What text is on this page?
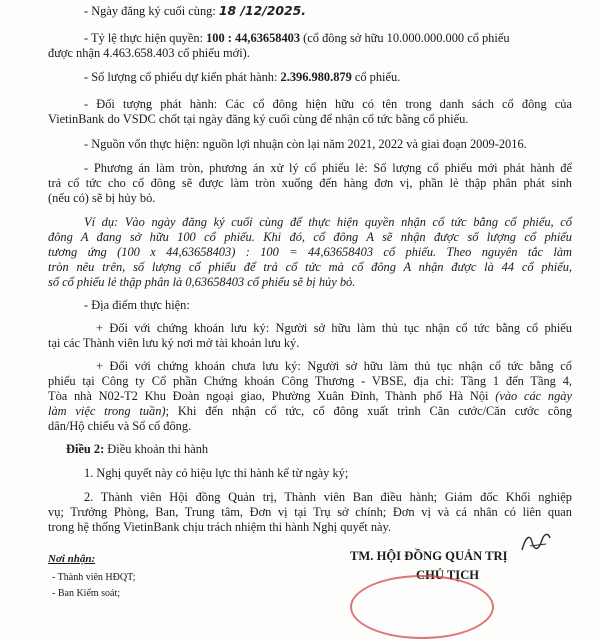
- Ngày đăng ký cuối cùng: 18 /12/2025.
- Tỷ lệ thực hiện quyền: 100 : 44,63658403 (cổ đông sở hữu 10.000.000.000 cổ phiếu
được nhận 4.463.658.403 cổ phiếu mới).
- Số lượng cổ phiếu dự kiến phát hành: 2.396.980.879 cổ phiếu.
- Đối tượng phát hành: Các cổ đông hiện hữu có tên trong danh sách cổ đông của
VietinBank do VSDC chốt tại ngày đăng ký cuối cùng để nhận cổ tức bằng cổ phiếu.
- Nguồn vốn thực hiện: nguồn lợi nhuận còn lại năm 2021, 2022 và giai đoạn 2009-2016.
- Phương án làm tròn, phương án xử lý cổ phiếu lẻ: Số lượng cổ phiếu mới phát hành để
trả cổ tức cho cổ đông sẽ được làm tròn xuống đến hàng đơn vị, phần lẻ thập phân phát sinh
(nếu có) sẽ bị hủy bỏ.
Ví dụ: Vào ngày đăng ký cuối cùng để thực hiện quyền nhận cổ tức bằng cổ phiếu, cổ
đông A đang sở hữu 100 cổ phiếu. Khi đó, cổ đông A sẽ nhận được số lượng cổ phiếu
tương ứng (100 x 44,63658403) : 100 = 44,63658403 cổ phiếu. Theo nguyên tắc làm
tròn nêu trên, số lượng cổ phiếu để trả cổ tức mà cổ đông A nhận được là 44 cổ phiếu,
số cổ phiếu lẻ thập phân là 0,63658403 cổ phiếu sẽ bị hủy bỏ.
- Địa điểm thực hiện:
+ Đối với chứng khoán lưu ký: Người sở hữu làm thủ tục nhận cổ tức bằng cổ phiếu
tại các Thành viên lưu ký nơi mở tài khoản lưu ký.
+ Đối với chứng khoán chưa lưu ký: Người sở hữu làm thủ tục nhận cổ tức bằng cổ
phiếu tại Công ty Cổ phần Chứng khoán Công Thương - VBSE, địa chỉ: Tầng 1 đến Tầng 4,
Tòa nhà N02-T2 Khu Đoàn ngoại giao, Phường Xuân Đỉnh, Thành phố Hà Nội (vào các ngày
làm việc trong tuần); Khi đến nhận cổ tức, cổ đông xuất trình Căn cước/Căn cước công
dân/Hộ chiếu và Sổ cổ đông.
Điều 2: Điều khoản thi hành
1. Nghị quyết này có hiệu lực thi hành kể từ ngày ký;
2. Thành viên Hội đồng Quản trị, Thành viên Ban điều hành; Giám đốc Khối nghiệp
vụ; Trưởng Phòng, Ban, Trung tâm, Đơn vị tại Trụ sở chính; Đơn vị và cá nhân có liên quan
trong hệ thống VietinBank chịu trách nhiệm thi hành Nghị quyết này.
Nơi nhận:
- Thành viên HĐQT;
- Ban Kiểm soát;
TM. HỘI ĐỒNG QUẢN TRỊ
CHỦ TỊCH
